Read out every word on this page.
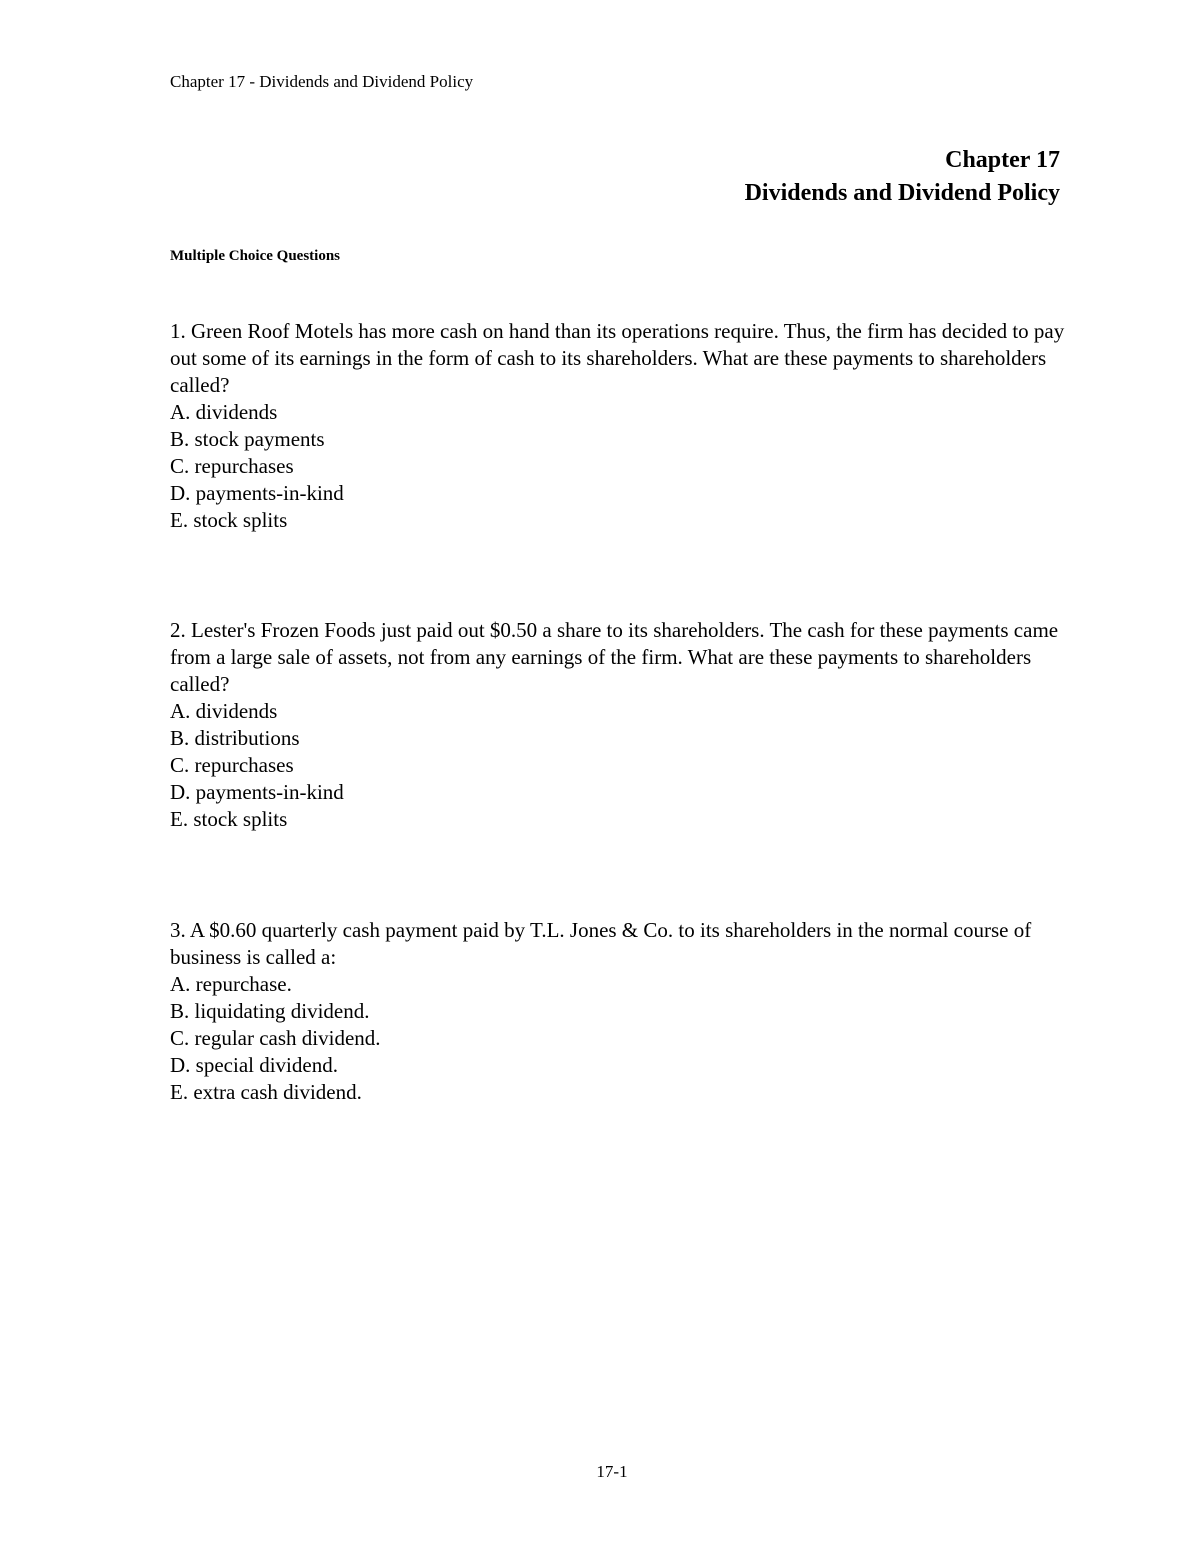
Chapter 17 - Dividends and Dividend Policy
Chapter 17
Dividends and Dividend Policy
Multiple Choice Questions

1. Green Roof Motels has more cash on hand than its operations require. Thus, the firm has decided to pay out some of its earnings in the form of cash to its shareholders. What are these payments to shareholders called?

A. dividends
B. stock payments
C. repurchases
D. payments-in-kind
E. stock splits

2. Lester's Frozen Foods just paid out $0.50 a share to its shareholders. The cash for these payments came from a large sale of assets, not from any earnings of the firm. What are these payments to shareholders called?

A. dividends
B. distributions
C. repurchases
D. payments-in-kind
E. stock splits

3. A $0.60 quarterly cash payment paid by T.L. Jones & Co. to its shareholders in the normal course of business is called a:

A. repurchase.
B. liquidating dividend.
C. regular cash dividend.
D. special dividend.
E. extra cash dividend.
17-1
